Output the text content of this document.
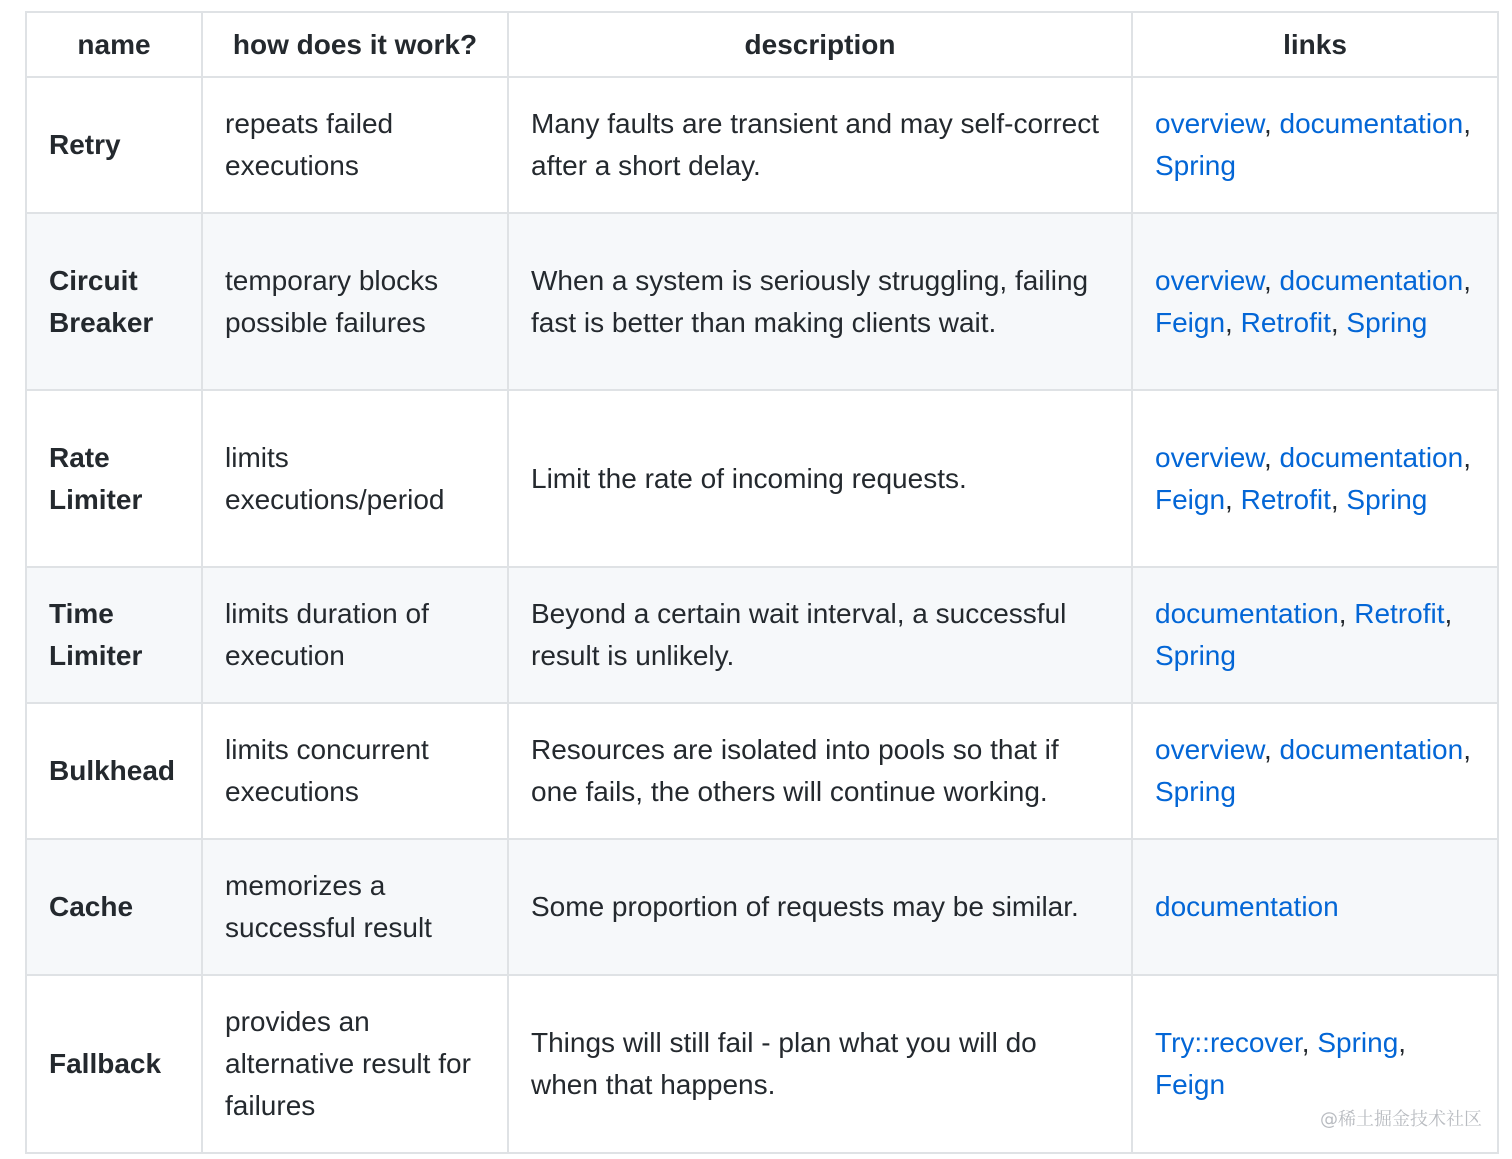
name	how does it work?	description	links
Retry	repeats failed executions	Many faults are transient and may self-correct after a short delay.	overview, documentation, Spring
Circuit Breaker	temporary blocks possible failures	When a system is seriously struggling, failing fast is better than making clients wait.	overview, documentation, Feign, Retrofit, Spring
Rate Limiter	limits executions/period	Limit the rate of incoming requests.	overview, documentation, Feign, Retrofit, Spring
Time Limiter	limits duration of execution	Beyond a certain wait interval, a successful result is unlikely.	documentation, Retrofit, Spring
Bulkhead	limits concurrent executions	Resources are isolated into pools so that if one fails, the others will continue working.	overview, documentation, Spring
Cache	memorizes a successful result	Some proportion of requests may be similar.	documentation
Fallback	provides an alternative result for failures	Things will still fail - plan what you will do when that happens.	Try::recover, Spring, Feign
@稀土掘金技术社区
